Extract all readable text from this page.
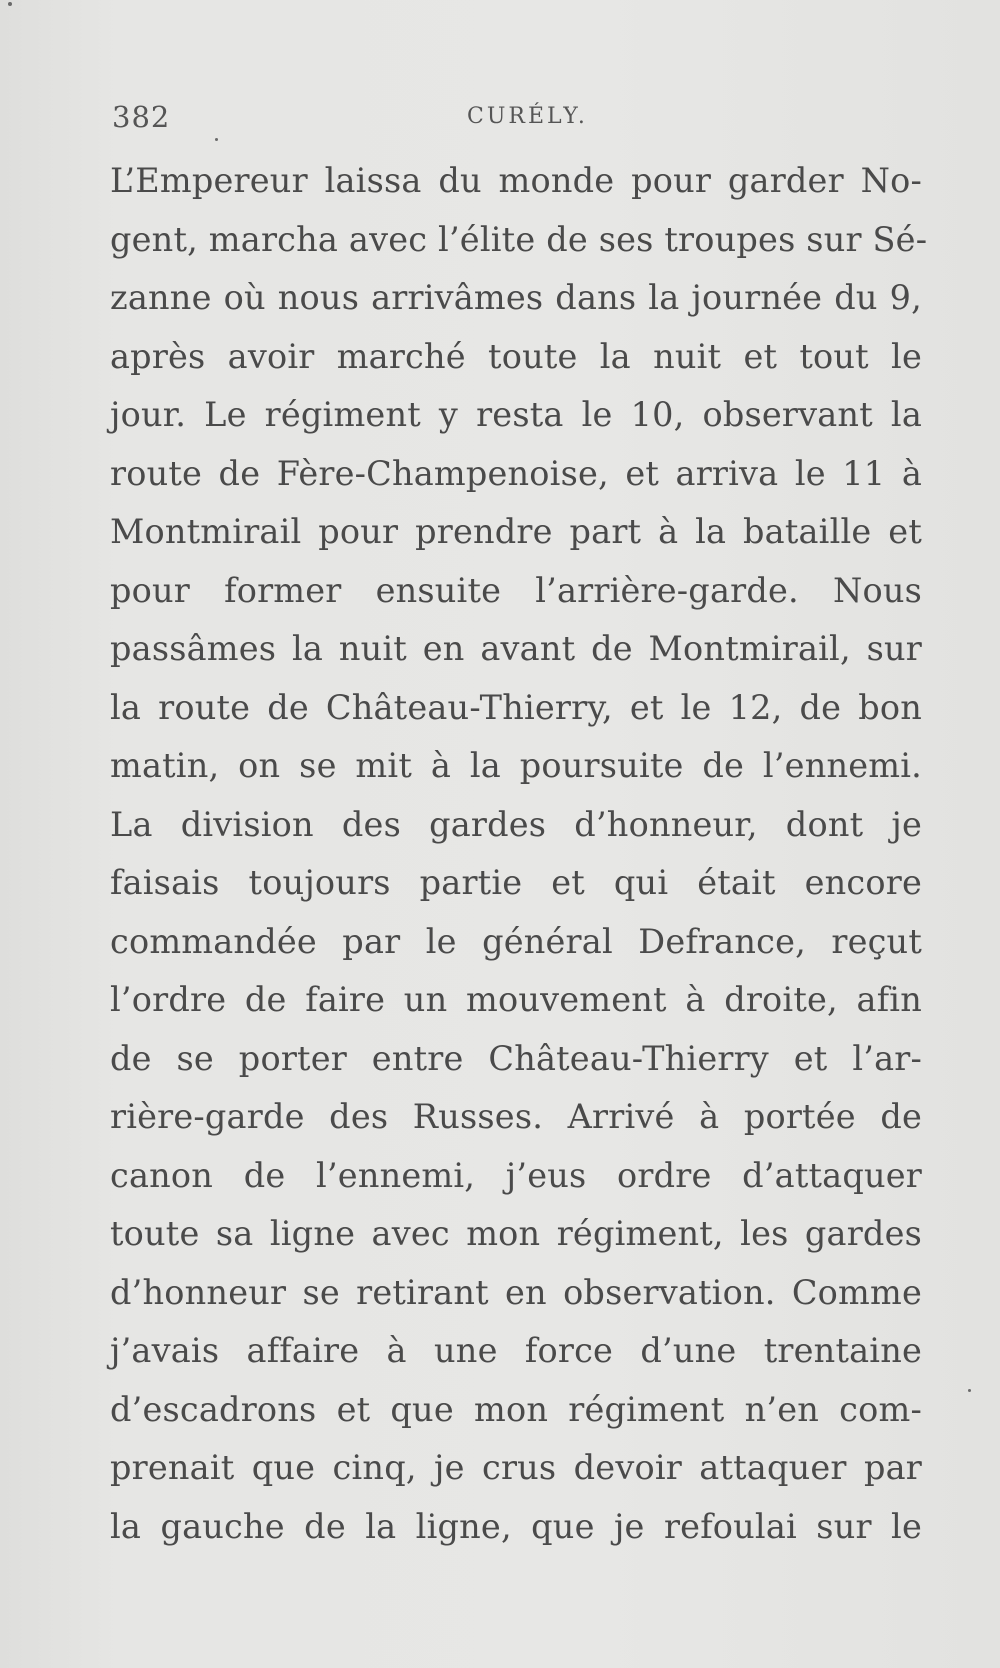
382	CURÉLY.
L’Empereur laissa du monde pour garder No-
gent, marcha avec l’élite de ses troupes sur Sé-
zanne où nous arrivâmes dans la journée du 9,
après avoir marché toute la nuit et tout le
jour. Le régiment y resta le 10, observant la
route de Fère-Champenoise, et arriva le 11 à
Montmirail pour prendre part à la bataille et
pour former ensuite l’arrière-garde. Nous
passâmes la nuit en avant de Montmirail, sur
la route de Château-Thierry, et le 12, de bon
matin, on se mit à la poursuite de l’ennemi.
La division des gardes d’honneur, dont je
faisais toujours partie et qui était encore
commandée par le général Defrance, reçut
l’ordre de faire un mouvement à droite, afin
de se porter entre Château-Thierry et l’ar-
rière-garde des Russes. Arrivé à portée de
canon de l’ennemi, j’eus ordre d’attaquer
toute sa ligne avec mon régiment, les gardes
d’honneur se retirant en observation. Comme
j’avais affaire à une force d’une trentaine
d’escadrons et que mon régiment n’en com-
prenait que cinq, je crus devoir attaquer par
la gauche de la ligne, que je refoulai sur le
